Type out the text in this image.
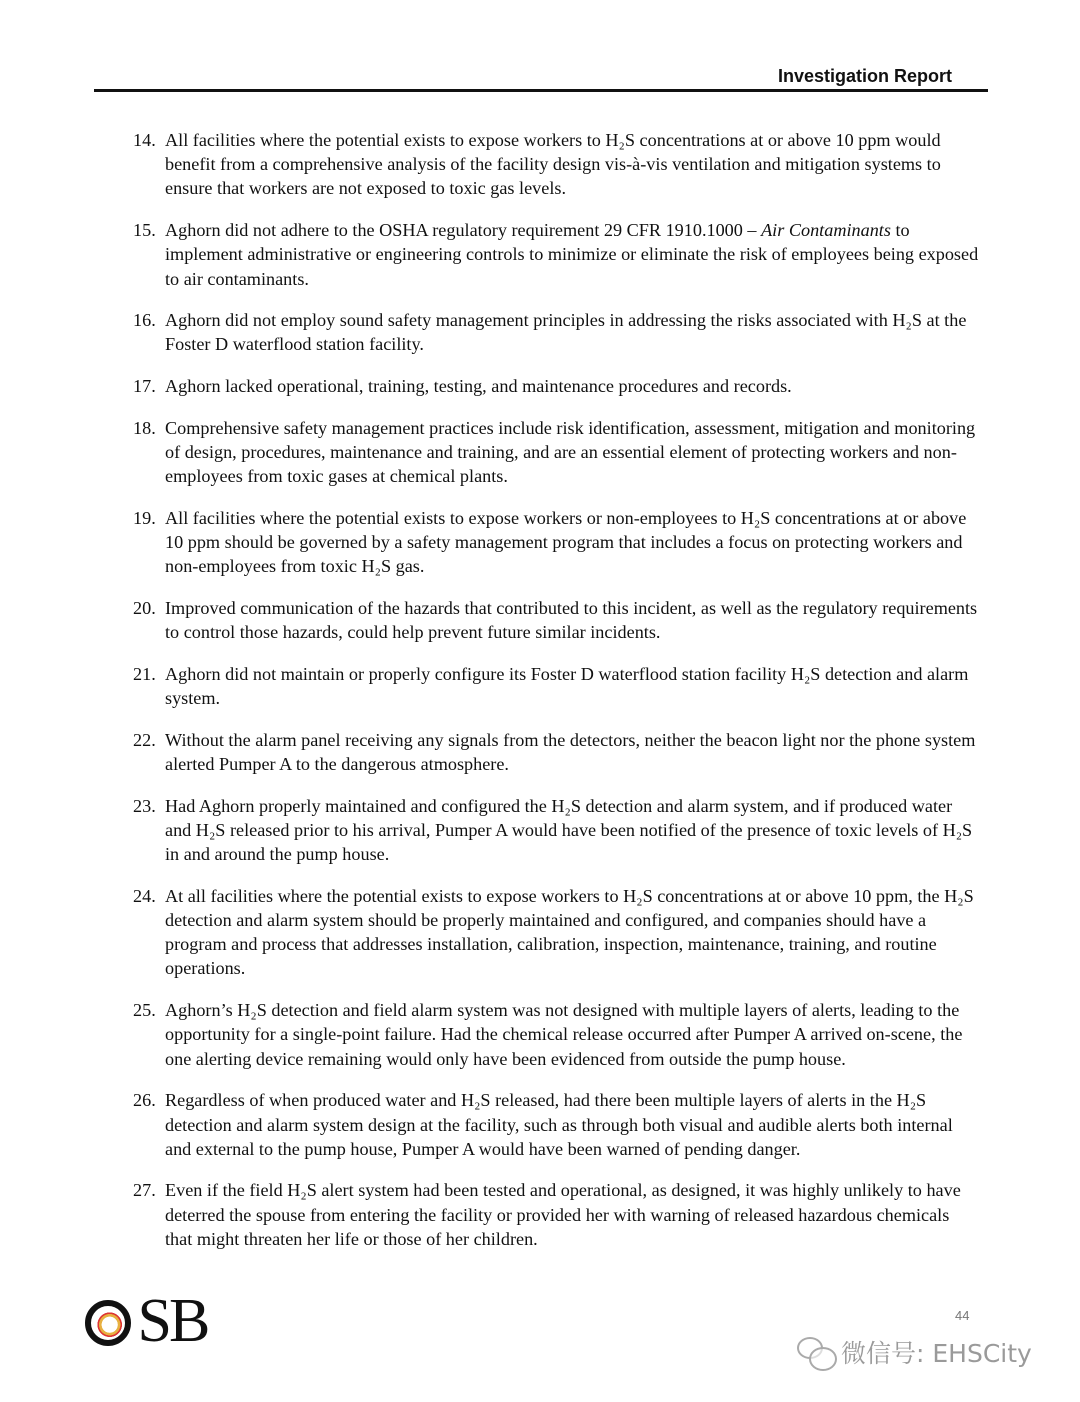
Investigation Report
14. All facilities where the potential exists to expose workers to H₂S concentrations at or above 10 ppm would benefit from a comprehensive analysis of the facility design vis-à-vis ventilation and mitigation systems to ensure that workers are not exposed to toxic gas levels.
15. Aghorn did not adhere to the OSHA regulatory requirement 29 CFR 1910.1000 – Air Contaminants to implement administrative or engineering controls to minimize or eliminate the risk of employees being exposed to air contaminants.
16. Aghorn did not employ sound safety management principles in addressing the risks associated with H₂S at the Foster D waterflood station facility.
17. Aghorn lacked operational, training, testing, and maintenance procedures and records.
18. Comprehensive safety management practices include risk identification, assessment, mitigation and monitoring of design, procedures, maintenance and training, and are an essential element of protecting workers and non-employees from toxic gases at chemical plants.
19. All facilities where the potential exists to expose workers or non-employees to H₂S concentrations at or above 10 ppm should be governed by a safety management program that includes a focus on protecting workers and non-employees from toxic H₂S gas.
20. Improved communication of the hazards that contributed to this incident, as well as the regulatory requirements to control those hazards, could help prevent future similar incidents.
21. Aghorn did not maintain or properly configure its Foster D waterflood station facility H₂S detection and alarm system.
22. Without the alarm panel receiving any signals from the detectors, neither the beacon light nor the phone system alerted Pumper A to the dangerous atmosphere.
23. Had Aghorn properly maintained and configured the H₂S detection and alarm system, and if produced water and H₂S released prior to his arrival, Pumper A would have been notified of the presence of toxic levels of H₂S in and around the pump house.
24. At all facilities where the potential exists to expose workers to H₂S concentrations at or above 10 ppm, the H₂S detection and alarm system should be properly maintained and configured, and companies should have a program and process that addresses installation, calibration, inspection, maintenance, training, and routine operations.
25. Aghorn’s H₂S detection and field alarm system was not designed with multiple layers of alerts, leading to the opportunity for a single-point failure. Had the chemical release occurred after Pumper A arrived on-scene, the one alerting device remaining would only have been evidenced from outside the pump house.
26. Regardless of when produced water and H₂S released, had there been multiple layers of alerts in the H₂S detection and alarm system design at the facility, such as through both visual and audible alerts both internal and external to the pump house, Pumper A would have been warned of pending danger.
27. Even if the field H₂S alert system had been tested and operational, as designed, it was highly unlikely to have deterred the spouse from entering the facility or provided her with warning of released hazardous chemicals that might threaten her life or those of her children.
SB	44
微信号: EHSCity
